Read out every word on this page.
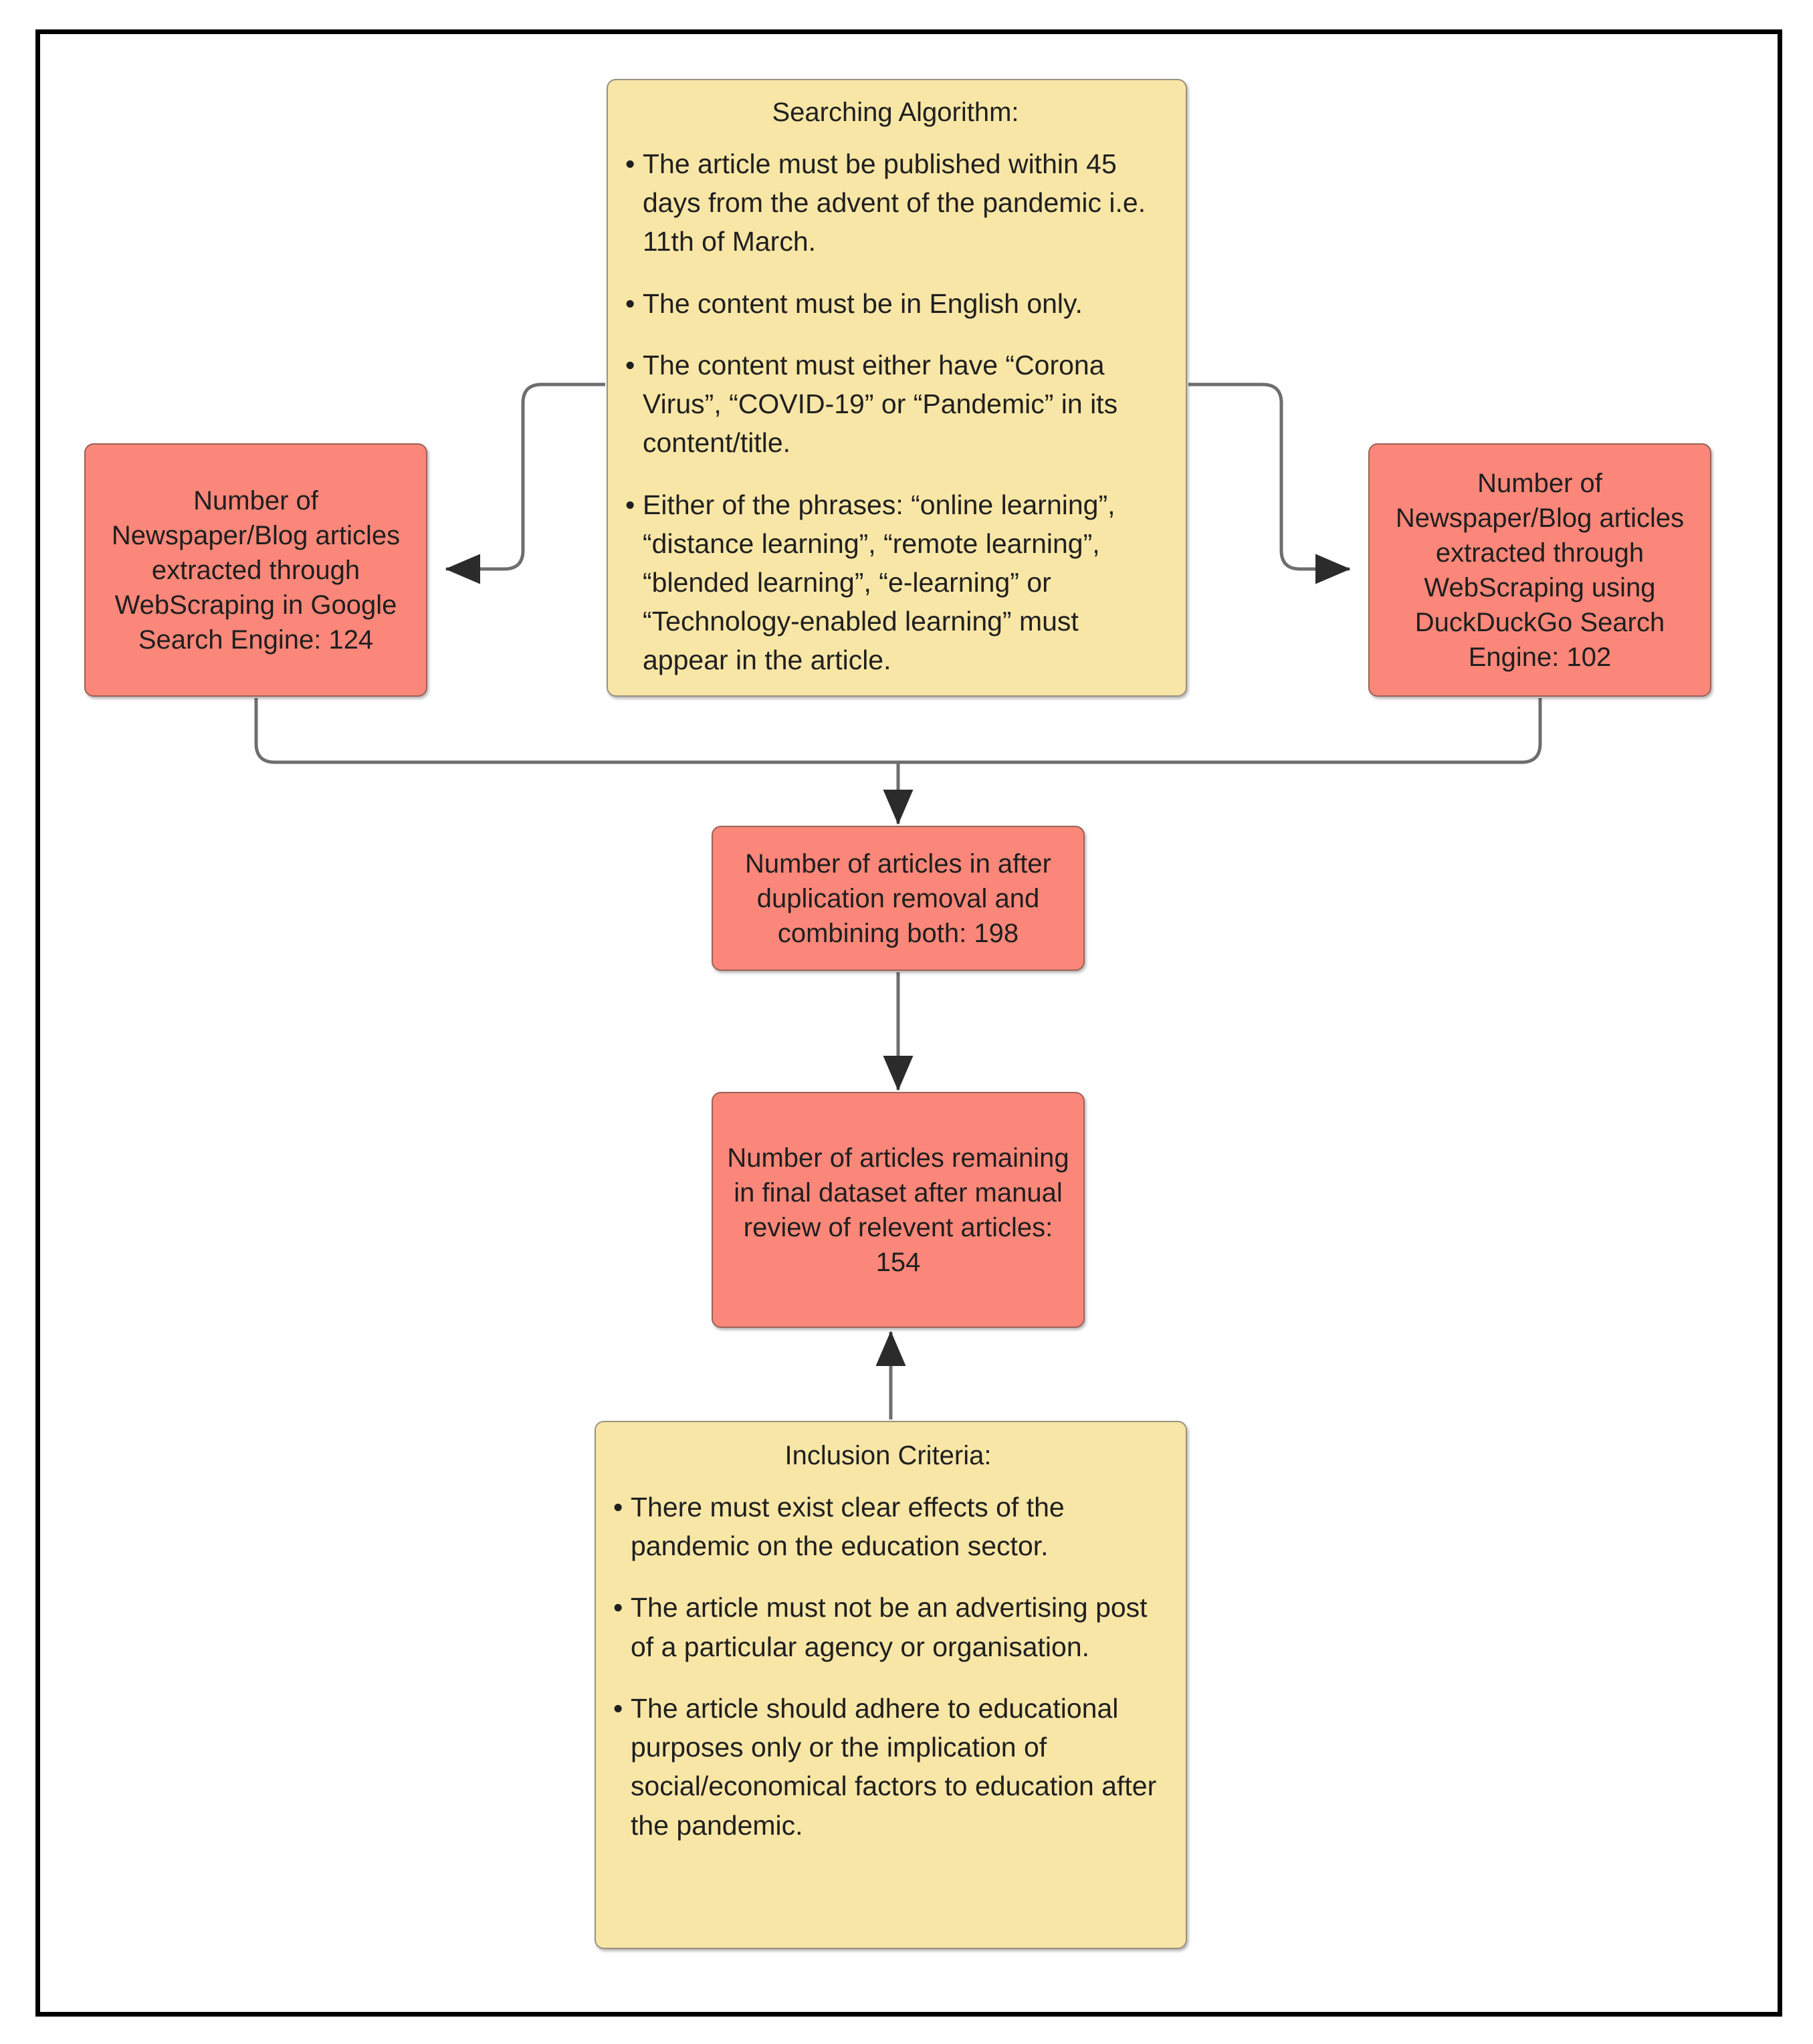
Searching Algorithm:
• The article must be published within 45 days from the advent of the pandemic i.e. 11th of March.
• The content must be in English only.
• The content must either have “Corona Virus”, “COVID-19” or “Pandemic” in its content/title.
• Either of the phrases: “online learning”, “distance learning”, “remote learning”, “blended learning”, “e-learning” or “Technology-enabled learning” must appear in the article.
Number of Newspaper/Blog articles extracted through WebScraping in Google Search Engine: 124
Number of Newspaper/Blog articles extracted through WebScraping using DuckDuckGo Search Engine: 102
Number of articles in after duplication removal and combining both: 198
Number of articles remaining in final dataset after manual review of relevent articles: 154
Inclusion Criteria:
• There must exist clear effects of the pandemic on the education sector.
• The article must not be an advertising post of a particular agency or organisation.
• The article should adhere to educational purposes only or the implication of social/economical factors to education after the pandemic.
